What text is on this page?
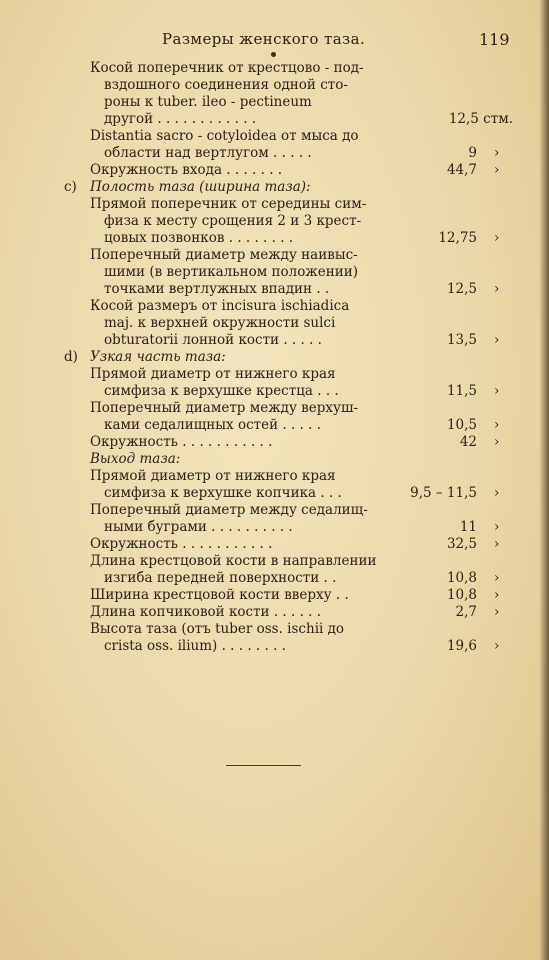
Размеры женского таза.	119
Косой поперечник от крестцово - под-
вздошного соединения одной сто-
роны к tuber. ileo - pectineum
другой . . . . . . . . . . . .	12,5 стм.
Distantia sacro - cotyloidea от мыса до
области над вертлугом . . . . .	9 ›
Окружность входа . . . . . . .	44,7 ›
c) Полость таза (ширина таза):
Прямой поперечник от середины сим-
физа к месту срощения 2 и 3 крест-
цовых позвонков . . . . . . . .	12,75 ›
Поперечный диаметр между наивыс-
шими (в вертикальном положении)
точками вертлужных впадин . .	12,5 ›
Косой размеръ от incisura ischiadica
maj. к верхней окружности sulci
obturatorii лонной кости . . . . .	13,5 ›
d) Узкая часть таза:
Прямой диаметр от нижнего края
симфиза к верхушке крестца . . .	11,5 ›
Поперечный диаметр между верхуш-
ками седалищных остей . . . . .	10,5 ›
Окружность . . . . . . . . . . .	42 ›
Выход таза:
Прямой диаметр от нижнего края
симфиза к верхушке копчика . . .	9,5 – 11,5 ›
Поперечный диаметр между седалищ-
ными буграми . . . . . . . . . .	11 ›
Окружность . . . . . . . . . . .	32,5 ›
Длина крестцовой кости в направлении
изгиба передней поверхности . .	10,8 ›
Ширина крестцовой кости вверху . .	10,8 ›
Длина копчиковой кости . . . . . .	2,7 ›
Высота таза (отъ tuber oss. ischii до
crista oss. ilium) . . . . . . . .	19,6 ›
